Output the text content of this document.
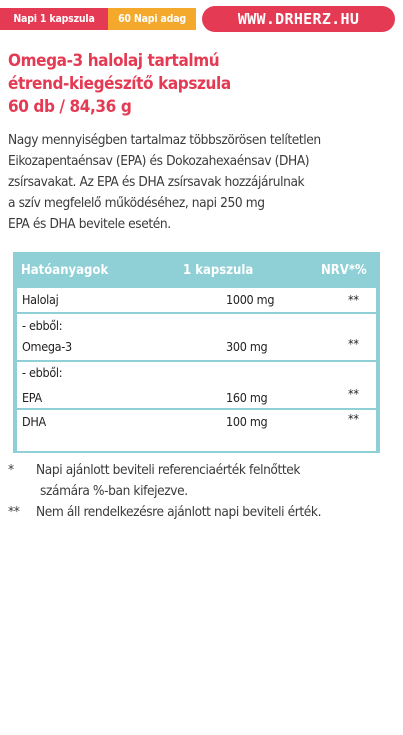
Napi 1 kapszula	60 Napi adag	WWW.DRHERZ.HU
Omega-3 halolaj tartalmú
étrend-kiegészítő kapszula
60 db / 84,36 g
Nagy mennyiségben tartalmaz többszörösen telítetlen
Eikozapentaénsav (EPA) és Dokozahexaénsav (DHA)
zsírsavakat. Az EPA és DHA zsírsavak hozzájárulnak
a szív megfelelő működéséhez, napi 250 mg
EPA és DHA bevitele esetén.
Hatóanyagok	1 kapszula	NRV*%
Halolaj	1000 mg	**
- ebből:
Omega-3	300 mg	**
- ebből:
EPA	160 mg	**
DHA	100 mg	**
* Napi ajánlott beviteli referenciaérték felnőttek
számára %-ban kifejezve.
** Nem áll rendelkezésre ajánlott napi beviteli érték.
